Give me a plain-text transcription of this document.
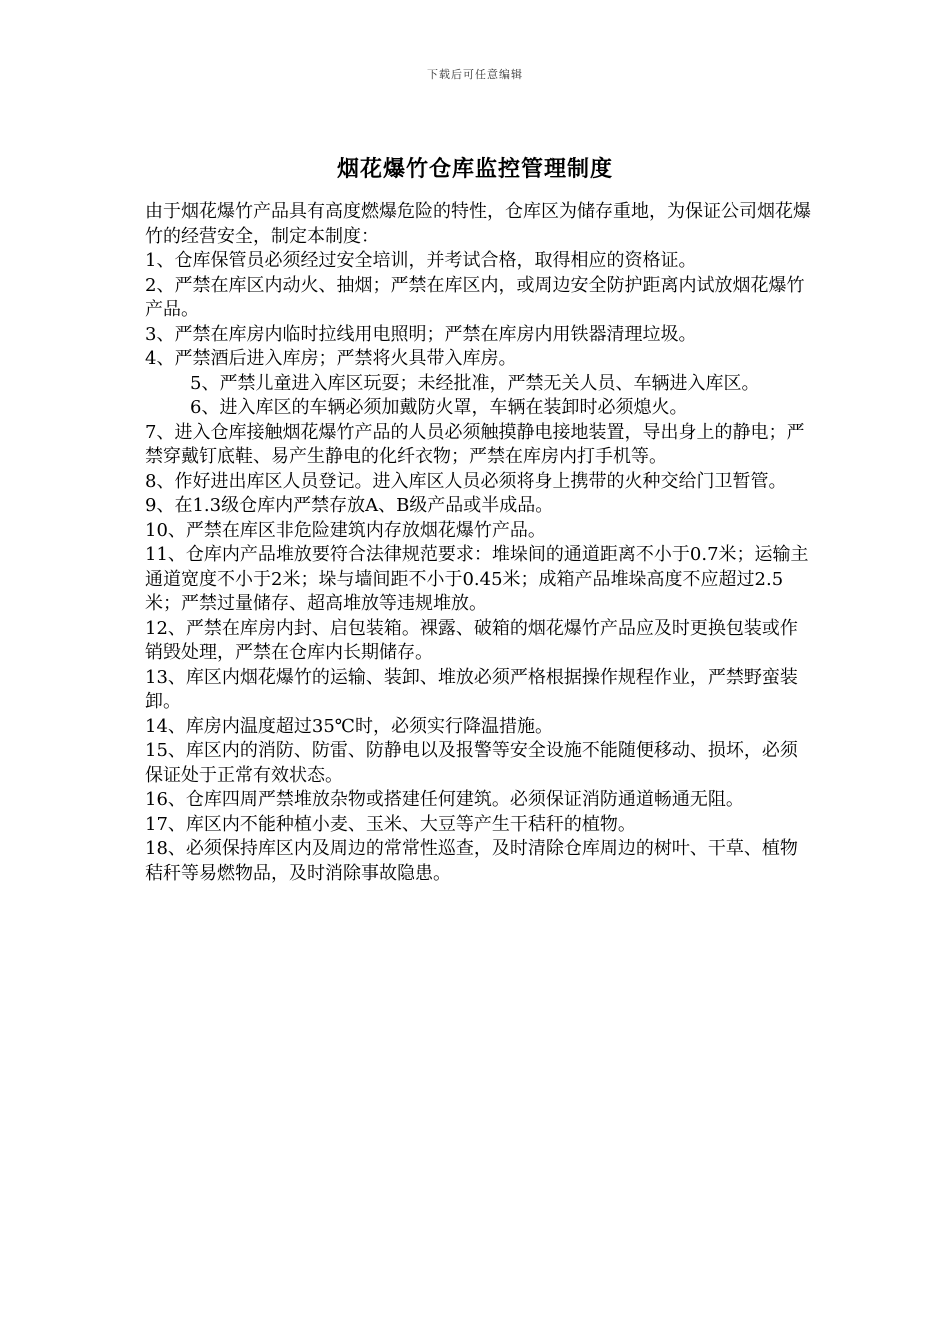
下载后可任意编辑
烟花爆竹仓库监控管理制度

由于烟花爆竹产品具有高度燃爆危险的特性，仓库区为储存重地，为保证公司烟花爆竹的经营安全，制定本制度：

1、仓库保管员必须经过安全培训，并考试合格，取得相应的资格证。

2、严禁在库区内动火、抽烟；严禁在库区内，或周边安全防护距离内试放烟花爆竹产品。

3、严禁在库房内临时拉线用电照明；严禁在库房内用铁器清理垃圾。

4、严禁酒后进入库房；严禁将火具带入库房。

5、严禁儿童进入库区玩耍；未经批准，严禁无关人员、车辆进入库区。

6、进入库区的车辆必须加戴防火罩，车辆在装卸时必须熄火。

7、进入仓库接触烟花爆竹产品的人员必须触摸静电接地装置，导出身上的静电；严禁穿戴钉底鞋、易产生静电的化纤衣物；严禁在库房内打手机等。

8、作好进出库区人员登记。进入库区人员必须将身上携带的火种交给门卫暂管。

9、在1.3级仓库内严禁存放A、B级产品或半成品。

10、严禁在库区非危险建筑内存放烟花爆竹产品。

11、仓库内产品堆放要符合法律规范要求：堆垛间的通道距离不小于0.7米；运输主通道宽度不小于2米；垛与墙间距不小于0.45米；成箱产品堆垛高度不应超过2.5米；严禁过量储存、超高堆放等违规堆放。

12、严禁在库房内封、启包装箱。裸露、破箱的烟花爆竹产品应及时更换包装或作销毁处理，严禁在仓库内长期储存。

13、库区内烟花爆竹的运输、装卸、堆放必须严格根据操作规程作业，严禁野蛮装卸。

14、库房内温度超过35℃时，必须实行降温措施。

15、库区内的消防、防雷、防静电以及报警等安全设施不能随便移动、损坏，必须保证处于正常有效状态。

16、仓库四周严禁堆放杂物或搭建任何建筑。必须保证消防通道畅通无阻。

17、库区内不能种植小麦、玉米、大豆等产生干秸秆的植物。

18、必须保持库区内及周边的常常性巡查，及时清除仓库周边的树叶、干草、植物秸秆等易燃物品，及时消除事故隐患。
